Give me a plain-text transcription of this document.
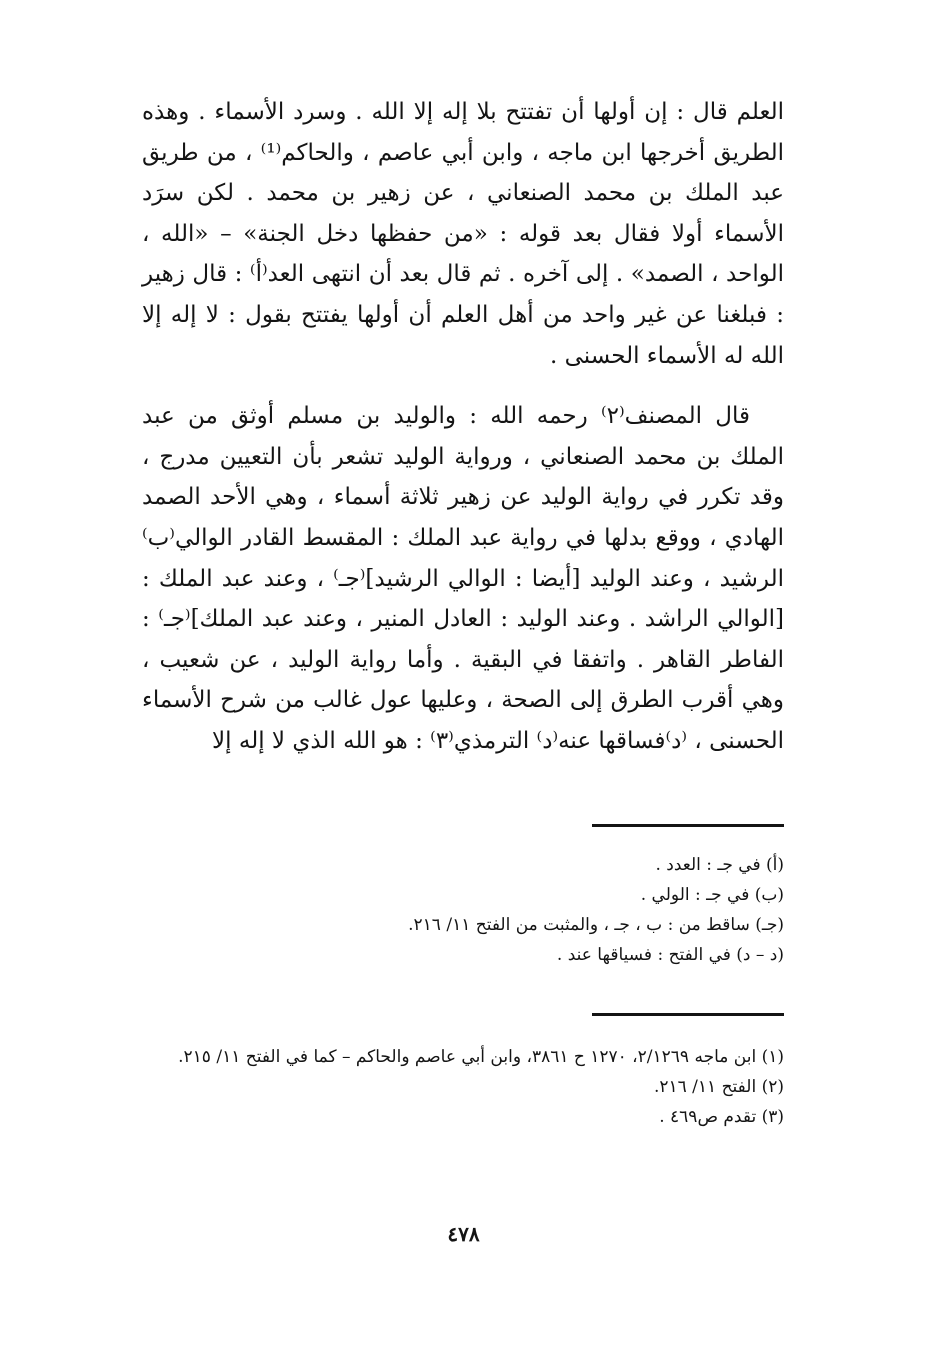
العلم قال : إن أولها أن تفتتح بلا إله إلا الله . وسرد الأسماء . وهذه الطريق أخرجها ابن ماجه ، وابن أبي عاصم ، والحاكم⁽¹⁾ ، من طريق عبد الملك بن محمد الصنعاني ، عن زهير بن محمد . لكن سرَد الأسماء أولا فقال بعد قوله : «من حفظها دخل الجنة» – «الله ، الواحد ، الصمد» . إلى آخره . ثم قال بعد أن انتهى العد⁽أ⁾ : قال زهير : فبلغنا عن غير واحد من أهل العلم أن أولها يفتتح بقول : لا إله إلا الله له الأسماء الحسنى .

قال المصنف⁽٢⁾ رحمه الله : والوليد بن مسلم أوثق من عبد الملك بن محمد الصنعاني ، ورواية الوليد تشعر بأن التعيين مدرج ، وقد تكرر في رواية الوليد عن زهير ثلاثة أسماء ، وهي الأحد الصمد الهادي ، ووقع بدلها في رواية عبد الملك : المقسط القادر الوالي⁽ب⁾ الرشيد ، وعند الوليد [أيضا : الوالي الرشيد]⁽جـ⁾ ، وعند عبد الملك : [الوالي الراشد . وعند الوليد : العادل المنير ، وعند عبد الملك]⁽جـ⁾ : الفاطر القاهر . واتفقا في البقية . وأما رواية الوليد ، عن شعيب ، وهي أقرب الطرق إلى الصحة ، وعليها عول غالب من شرح الأسماء الحسنى ، ⁽د⁾فساقها عنه⁽د⁾ الترمذي⁽٣⁾ : هو الله الذي لا إله إلا

(أ) في جـ : العدد .
(ب) في جـ : الولي .
(جـ) ساقط من : ب ، جـ ، والمثبت من الفتح ١١/ ٢١٦.
(د – د) في الفتح : فسياقها عند .
(١) ابن ماجه ٢/١٢٦٩، ١٢٧٠ ح ٣٨٦١، وابن أبي عاصم والحاكم – كما في الفتح ١١/ ٢١٥.
(٢) الفتح ١١/ ٢١٦.
(٣) تقدم ص٤٦٩ .
٤٧٨
